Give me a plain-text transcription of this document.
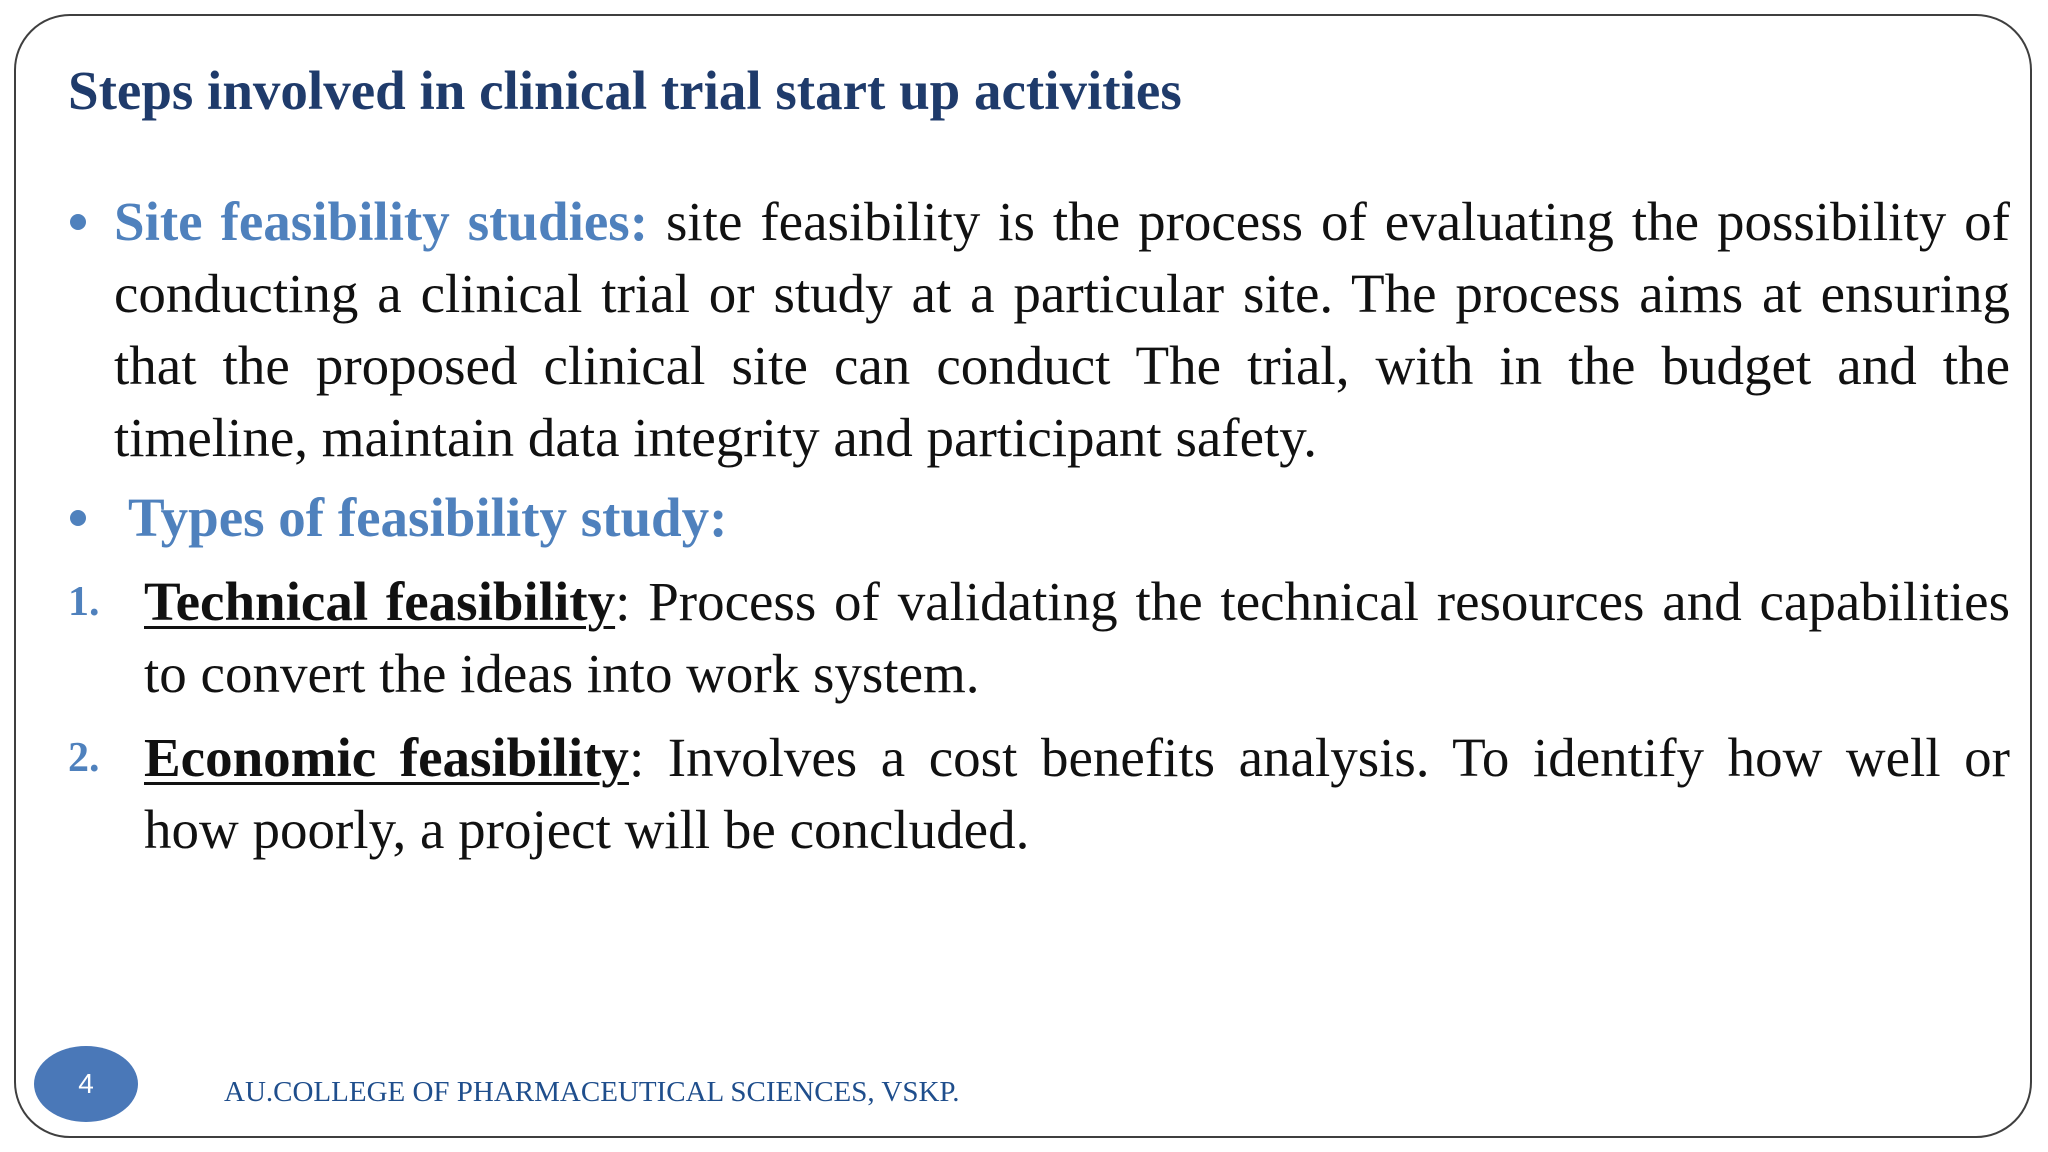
Steps involved in clinical trial start up activities
Site feasibility studies: site feasibility is the process of evaluating the possibility of conducting a clinical trial or study at a particular site. The process aims at ensuring that the proposed clinical site can conduct The trial, with in the budget and the timeline, maintain data integrity and participant safety.
Types of feasibility study:
1. Technical feasibility: Process of validating the technical resources and capabilities to convert the ideas into work system.
2. Economic feasibility: Involves a cost benefits analysis. To identify how well or how poorly, a project will be concluded.
4	AU.COLLEGE OF PHARMACEUTICAL SCIENCES, VSKP.
